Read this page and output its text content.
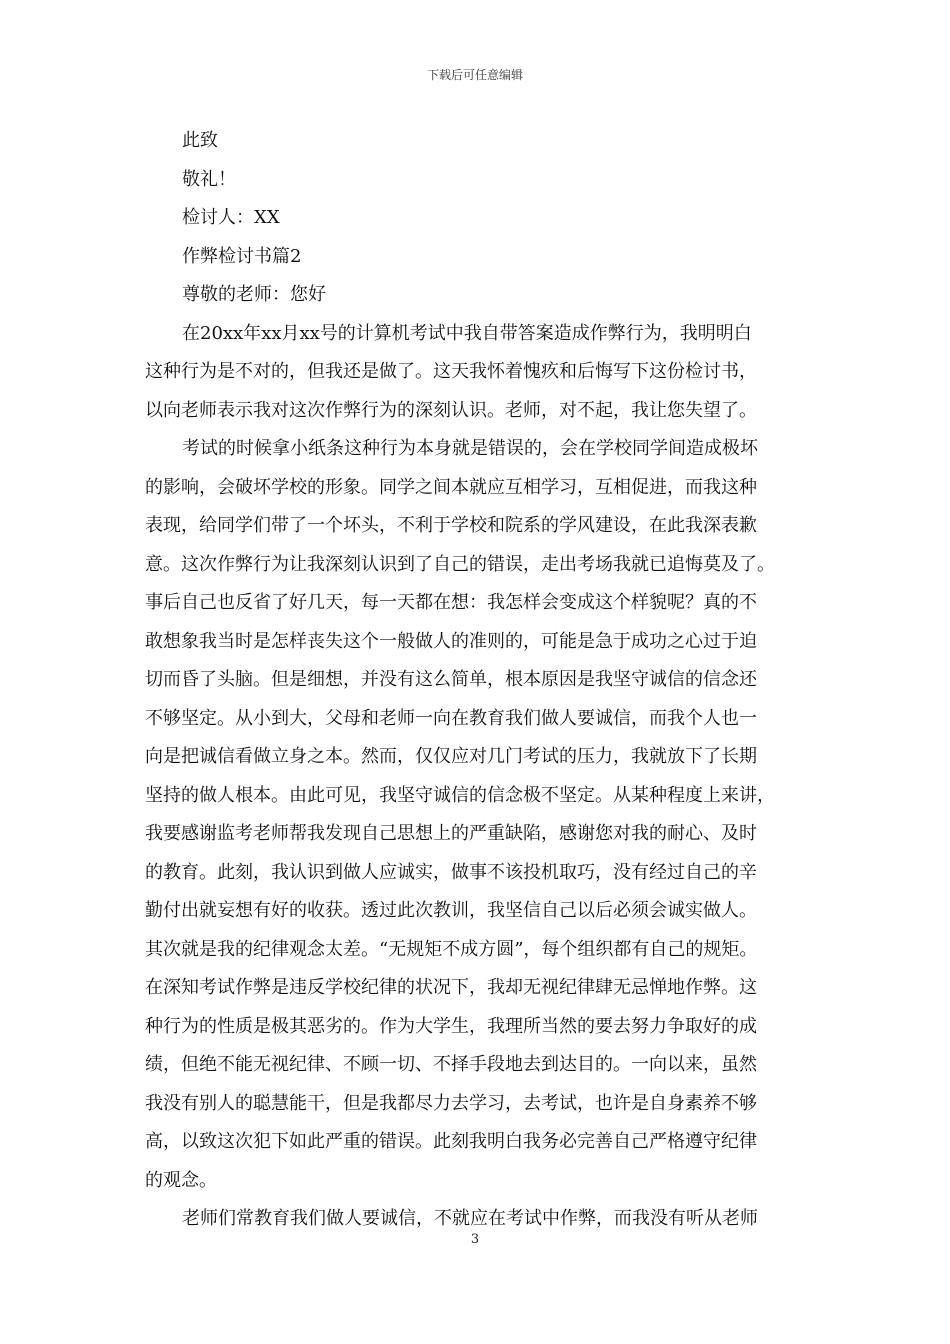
下载后可任意编辑

此致

敬礼！

检讨人：XX

作弊检讨书篇2

尊敬的老师：您好

在20xx年xx月xx号的计算机考试中我自带答案造成作弊行为，我明明白

这种行为是不对的，但我还是做了。这天我怀着愧疚和后悔写下这份检讨书，

以向老师表示我对这次作弊行为的深刻认识。老师，对不起，我让您失望了。

考试的时候拿小纸条这种行为本身就是错误的，会在学校同学间造成极坏

的影响，会破坏学校的形象。同学之间本就应互相学习，互相促进，而我这种

表现，给同学们带了一个坏头，不利于学校和院系的学风建设，在此我深表歉

意。这次作弊行为让我深刻认识到了自己的错误，走出考场我就已追悔莫及了。

事后自己也反省了好几天，每一天都在想：我怎样会变成这个样貌呢？真的不

敢想象我当时是怎样丧失这个一般做人的准则的，可能是急于成功之心过于迫

切而昏了头脑。但是细想，并没有这么简单，根本原因是我坚守诚信的信念还

不够坚定。从小到大，父母和老师一向在教育我们做人要诚信，而我个人也一

向是把诚信看做立身之本。然而，仅仅应对几门考试的压力，我就放下了长期

坚持的做人根本。由此可见，我坚守诚信的信念极不坚定。从某种程度上来讲，

我要感谢监考老师帮我发现自己思想上的严重缺陷，感谢您对我的耐心、及时

的教育。此刻，我认识到做人应诚实，做事不该投机取巧，没有经过自己的辛

勤付出就妄想有好的收获。透过此次教训，我坚信自己以后必须会诚实做人。

其次就是我的纪律观念太差。“无规矩不成方圆”，每个组织都有自己的规矩。

在深知考试作弊是违反学校纪律的状况下，我却无视纪律肆无忌惮地作弊。这

种行为的性质是极其恶劣的。作为大学生，我理所当然的要去努力争取好的成

绩，但绝不能无视纪律、不顾一切、不择手段地去到达目的。一向以来，虽然

我没有别人的聪慧能干，但是我都尽力去学习，去考试，也许是自身素养不够

高，以致这次犯下如此严重的错误。此刻我明白我务必完善自己严格遵守纪律

的观念。

老师们常教育我们做人要诚信，不就应在考试中作弊，而我没有听从老师

3
